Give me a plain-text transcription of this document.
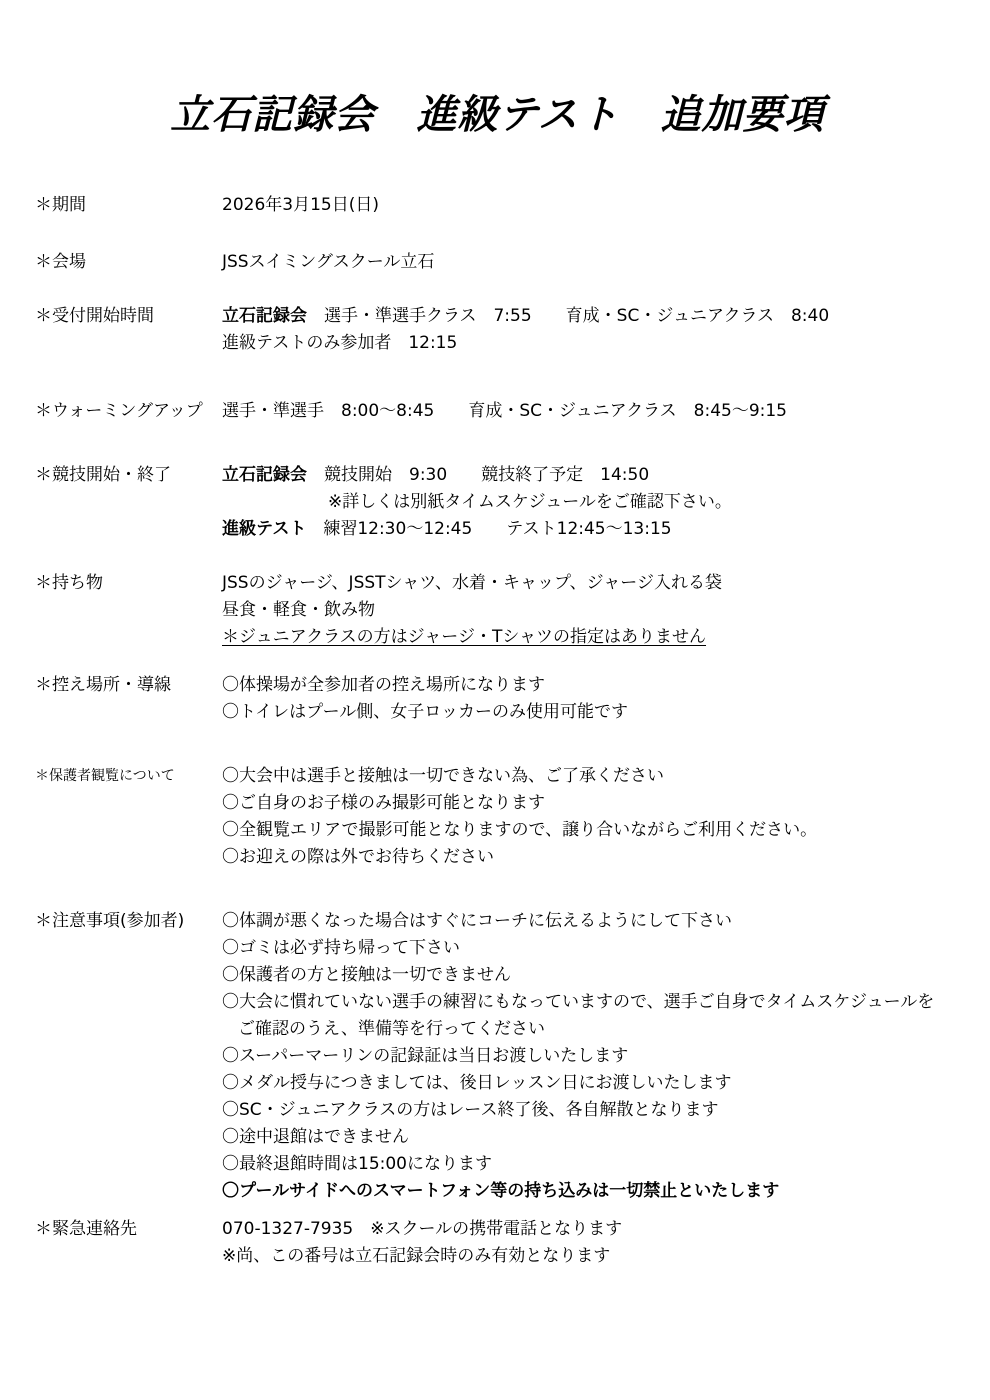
立石記録会　進級テスト　追加要項
＊期間	2026年3月15日(日)
＊会場	JSSスイミングスクール立石
＊受付開始時間	立石記録会　選手・準選手クラス　7:55　　育成・SC・ジュニアクラス　8:40
進級テストのみ参加者　12:15
＊ウォーミングアップ	選手・準選手　8:00～8:45　　育成・SC・ジュニアクラス　8:45～9:15
＊競技開始・終了	立石記録会　競技開始　9:30　　競技終了予定　14:50
※詳しくは別紙タイムスケジュールをご確認下さい。
進級テスト　練習12:30～12:45　　テスト12:45～13:15
＊持ち物	JSSのジャージ、JSSTシャツ、水着・キャップ、ジャージ入れる袋
昼食・軽食・飲み物
＊ジュニアクラスの方はジャージ・Tシャツの指定はありません
＊控え場所・導線	〇体操場が全参加者の控え場所になります
〇トイレはプール側、女子ロッカーのみ使用可能です
＊保護者観覧について	〇大会中は選手と接触は一切できない為、ご了承ください
〇ご自身のお子様のみ撮影可能となります
〇全観覧エリアで撮影可能となりますので、譲り合いながらご利用ください。
〇お迎えの際は外でお待ちください
＊注意事項(参加者)	〇体調が悪くなった場合はすぐにコーチに伝えるようにして下さい
〇ゴミは必ず持ち帰って下さい
〇保護者の方と接触は一切できません
〇大会に慣れていない選手の練習にもなっていますので、選手ご自身でタイムスケジュールを
ご確認のうえ、準備等を行ってください
〇スーパーマーリンの記録証は当日お渡しいたします
〇メダル授与につきましては、後日レッスン日にお渡しいたします
〇SC・ジュニアクラスの方はレース終了後、各自解散となります
〇途中退館はできません
〇最終退館時間は15:00になります
〇プールサイドへのスマートフォン等の持ち込みは一切禁止といたします
＊緊急連絡先	070-1327-7935　※スクールの携帯電話となります
※尚、この番号は立石記録会時のみ有効となります
